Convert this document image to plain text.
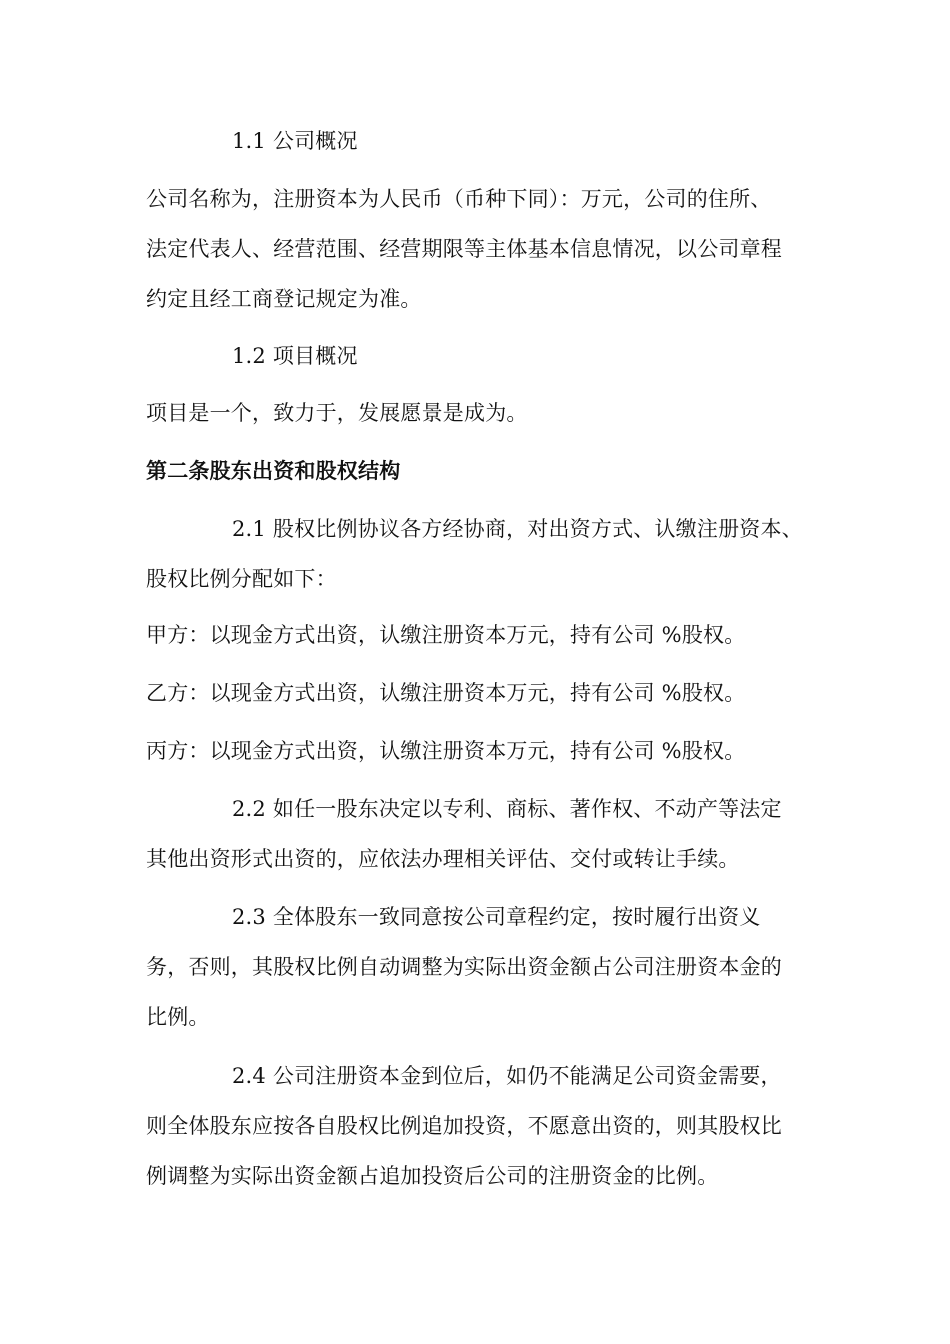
1.1 公司概况
公司名称为，注册资本为人民币（币种下同）：万元，公司的住所、
法定代表人、经营范围、经营期限等主体基本信息情况，以公司章程
约定且经工商登记规定为准。
1.2 项目概况
项目是一个，致力于，发展愿景是成为。
第二条股东出资和股权结构
2.1 股权比例协议各方经协商，对出资方式、认缴注册资本、
股权比例分配如下：
甲方：以现金方式出资，认缴注册资本万元，持有公司 %股权。
乙方：以现金方式出资，认缴注册资本万元，持有公司 %股权。
丙方：以现金方式出资，认缴注册资本万元，持有公司 %股权。
2.2 如任一股东决定以专利、商标、著作权、不动产等法定
其他出资形式出资的，应依法办理相关评估、交付或转让手续。
2.3 全体股东一致同意按公司章程约定，按时履行出资义
务，否则，其股权比例自动调整为实际出资金额占公司注册资本金的
比例。
2.4 公司注册资本金到位后，如仍不能满足公司资金需要，
则全体股东应按各自股权比例追加投资，不愿意出资的，则其股权比
例调整为实际出资金额占追加投资后公司的注册资金的比例。
